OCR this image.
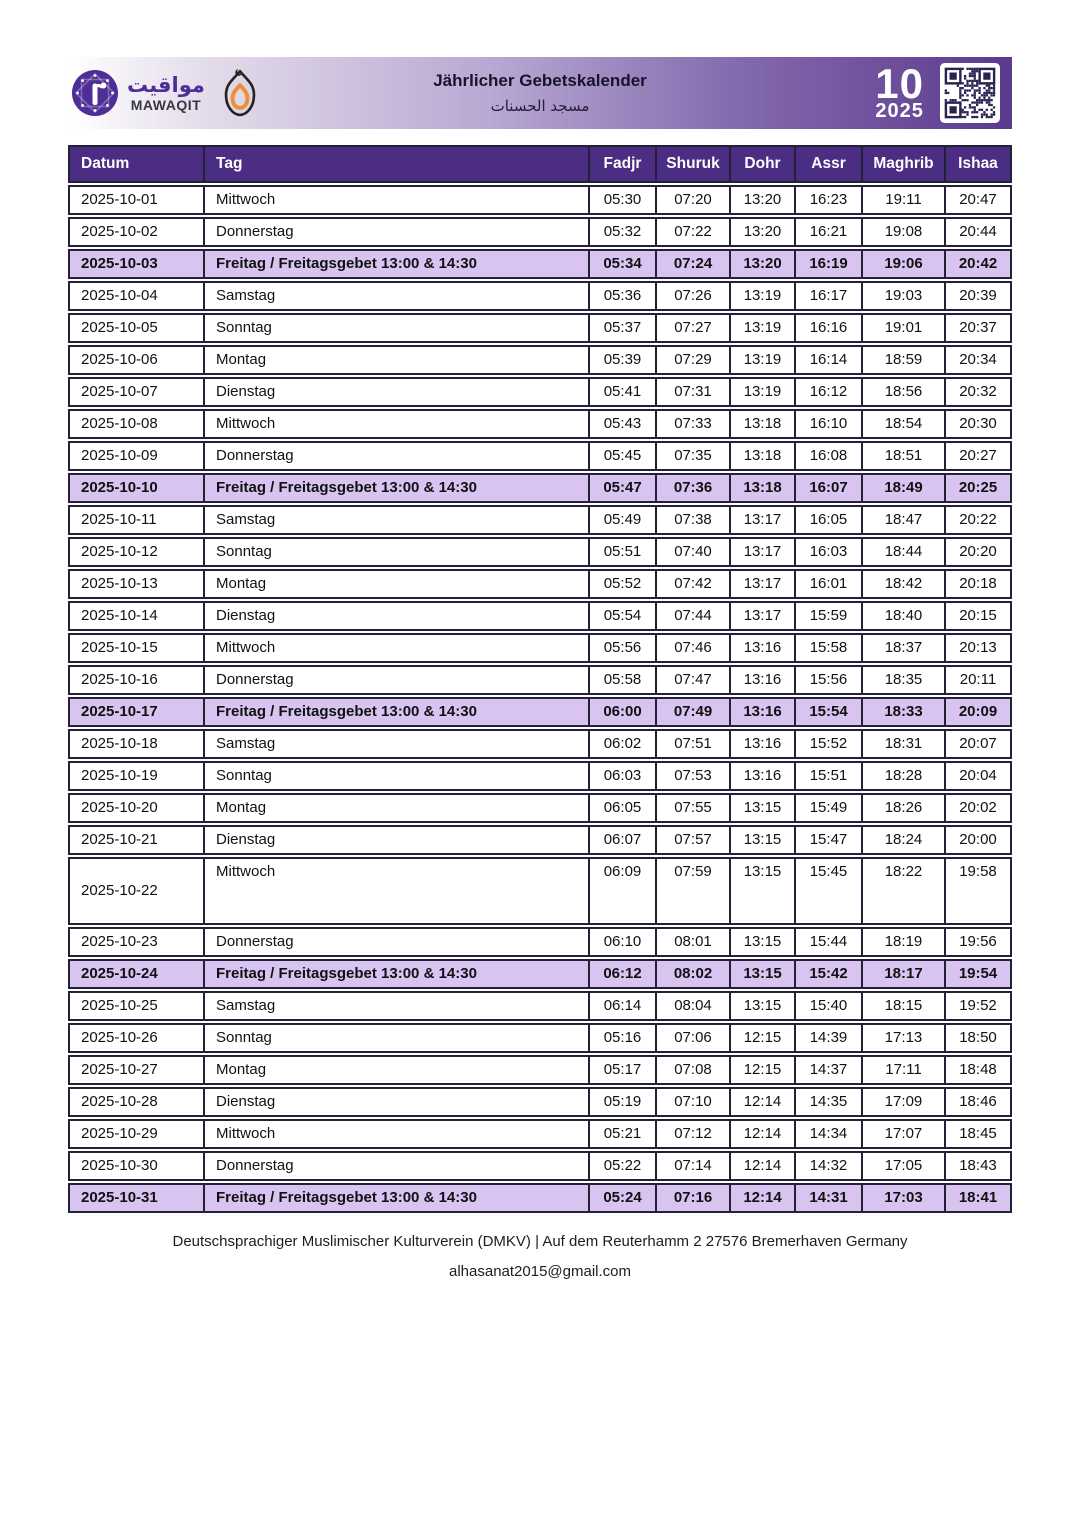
مواقيت
MAWAQIT
Jährlicher Gebetskalender
مسجد الحسنات	10
2025
Datum	Tag	Fadjr	Shuruk	Dohr	Assr	Maghrib	Ishaa
2025-10-01	Mittwoch	05:30	07:20	13:20	16:23	19:11	20:47
2025-10-02	Donnerstag	05:32	07:22	13:20	16:21	19:08	20:44
2025-10-03	Freitag / Freitagsgebet 13:00 & 14:30	05:34	07:24	13:20	16:19	19:06	20:42
2025-10-04	Samstag	05:36	07:26	13:19	16:17	19:03	20:39
2025-10-05	Sonntag	05:37	07:27	13:19	16:16	19:01	20:37
2025-10-06	Montag	05:39	07:29	13:19	16:14	18:59	20:34
2025-10-07	Dienstag	05:41	07:31	13:19	16:12	18:56	20:32
2025-10-08	Mittwoch	05:43	07:33	13:18	16:10	18:54	20:30
2025-10-09	Donnerstag	05:45	07:35	13:18	16:08	18:51	20:27
2025-10-10	Freitag / Freitagsgebet 13:00 & 14:30	05:47	07:36	13:18	16:07	18:49	20:25
2025-10-11	Samstag	05:49	07:38	13:17	16:05	18:47	20:22
2025-10-12	Sonntag	05:51	07:40	13:17	16:03	18:44	20:20
2025-10-13	Montag	05:52	07:42	13:17	16:01	18:42	20:18
2025-10-14	Dienstag	05:54	07:44	13:17	15:59	18:40	20:15
2025-10-15	Mittwoch	05:56	07:46	13:16	15:58	18:37	20:13
2025-10-16	Donnerstag	05:58	07:47	13:16	15:56	18:35	20:11
2025-10-17	Freitag / Freitagsgebet 13:00 & 14:30	06:00	07:49	13:16	15:54	18:33	20:09
2025-10-18	Samstag	06:02	07:51	13:16	15:52	18:31	20:07
2025-10-19	Sonntag	06:03	07:53	13:16	15:51	18:28	20:04
2025-10-20	Montag	06:05	07:55	13:15	15:49	18:26	20:02
2025-10-21	Dienstag	06:07	07:57	13:15	15:47	18:24	20:00
2025-10-22	Mittwoch	06:09	07:59	13:15	15:45	18:22	19:58
2025-10-23	Donnerstag	06:10	08:01	13:15	15:44	18:19	19:56
2025-10-24	Freitag / Freitagsgebet 13:00 & 14:30	06:12	08:02	13:15	15:42	18:17	19:54
2025-10-25	Samstag	06:14	08:04	13:15	15:40	18:15	19:52
2025-10-26	Sonntag	05:16	07:06	12:15	14:39	17:13	18:50
2025-10-27	Montag	05:17	07:08	12:15	14:37	17:11	18:48
2025-10-28	Dienstag	05:19	07:10	12:14	14:35	17:09	18:46
2025-10-29	Mittwoch	05:21	07:12	12:14	14:34	17:07	18:45
2025-10-30	Donnerstag	05:22	07:14	12:14	14:32	17:05	18:43
2025-10-31	Freitag / Freitagsgebet 13:00 & 14:30	05:24	07:16	12:14	14:31	17:03	18:41
Deutschsprachiger Muslimischer Kulturverein (DMKV) | Auf dem Reuterhamm 2 27576 Bremerhaven Germany
alhasanat2015@gmail.com
